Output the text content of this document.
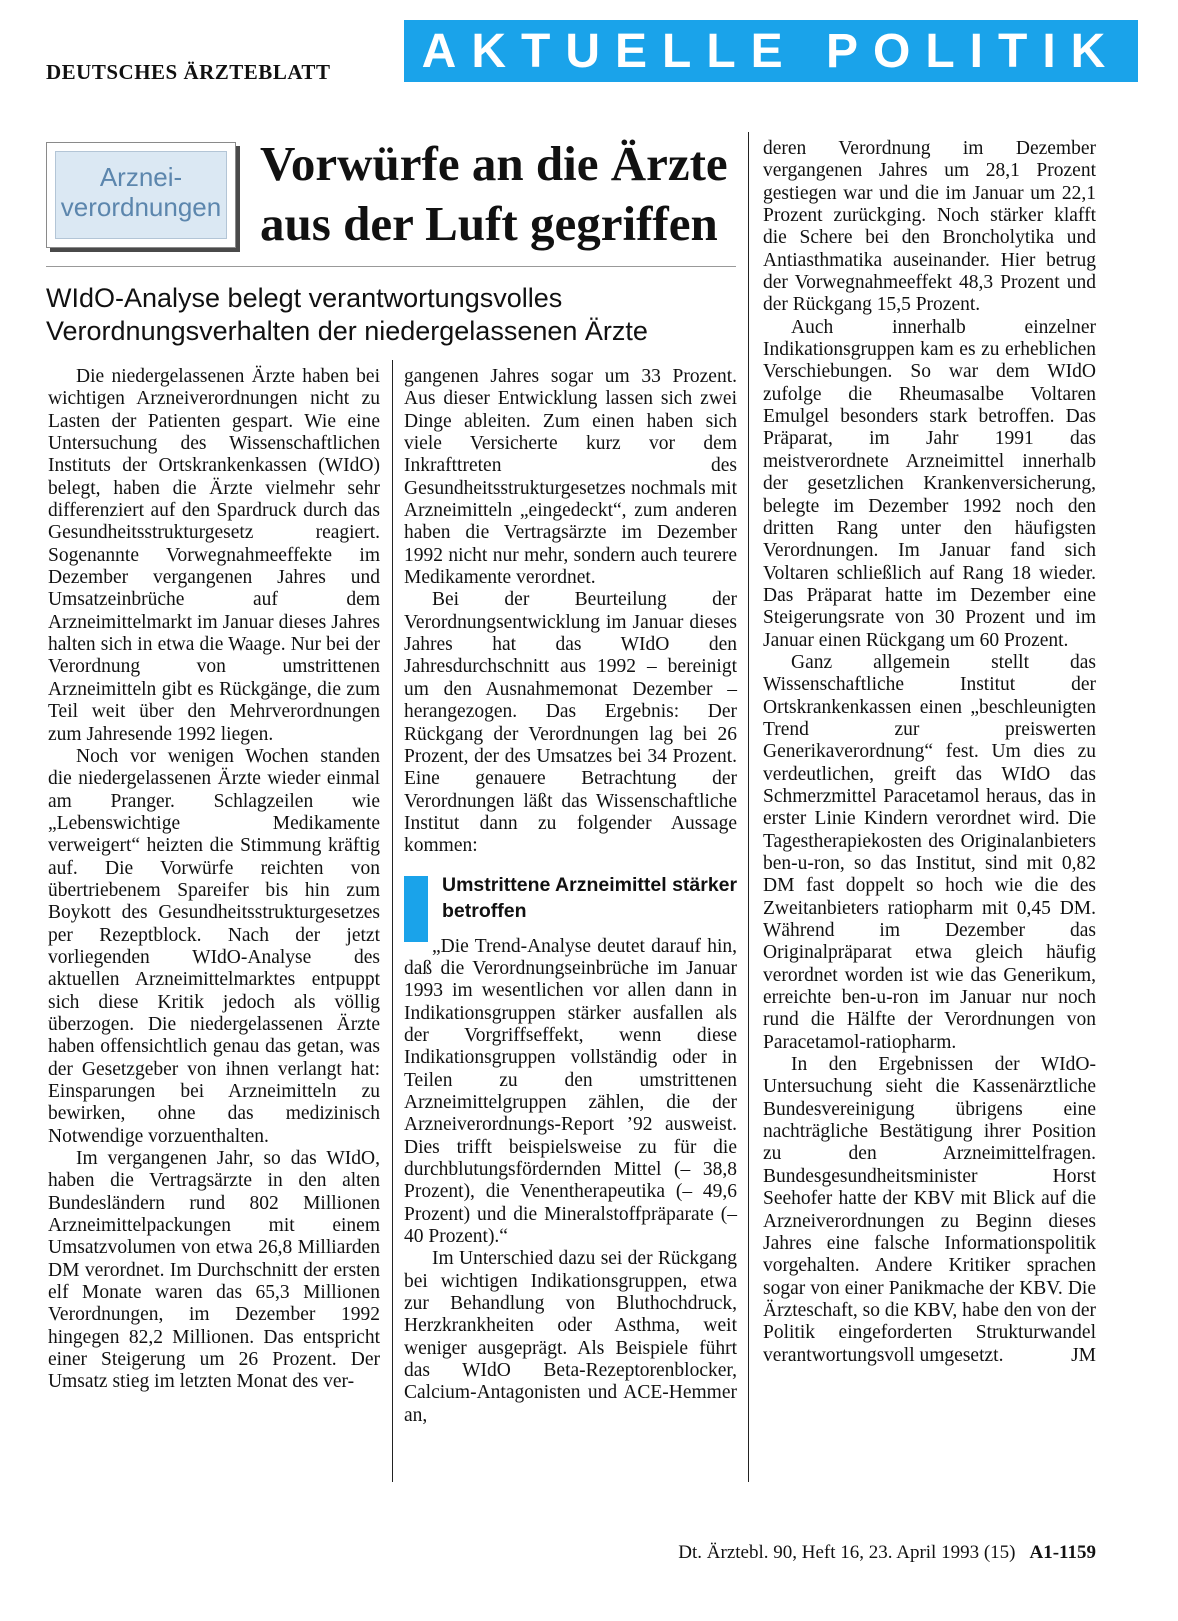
DEUTSCHES ÄRZTEBLATT	AKTUELLE POLITIK
Arznei-
verordnungen
Vorwürfe an die Ärzte
aus der Luft gegriffen
WIdO-Analyse belegt verantwortungsvolles
Verordnungsverhalten der niedergelassenen Ärzte

Die niedergelassenen Ärzte haben bei wichtigen Arzneiverordnungen nicht zu Lasten der Patienten gespart. Wie eine Untersuchung des Wissenschaftlichen Instituts der Ortskrankenkassen (WIdO) belegt, haben die Ärzte vielmehr sehr differenziert auf den Spardruck durch das Gesundheitsstrukturgesetz reagiert. Sogenannte Vorwegnahmeeffekte im Dezember vergangenen Jahres und Umsatzeinbrüche auf dem Arzneimittelmarkt im Januar dieses Jahres halten sich in etwa die Waage. Nur bei der Verordnung von umstrittenen Arzneimitteln gibt es Rückgänge, die zum Teil weit über den Mehrverordnungen zum Jahresende 1992 liegen.

Noch vor wenigen Wochen standen die niedergelassenen Ärzte wieder einmal am Pranger. Schlagzeilen wie „Lebenswichtige Medikamente verweigert“ heizten die Stimmung kräftig auf. Die Vorwürfe reichten von übertriebenem Spareifer bis hin zum Boykott des Gesundheitsstrukturgesetzes per Rezeptblock. Nach der jetzt vorliegenden WIdO-Analyse des aktuellen Arzneimittelmarktes entpuppt sich diese Kritik jedoch als völlig überzogen. Die niedergelassenen Ärzte haben offensichtlich genau das getan, was der Gesetzgeber von ihnen verlangt hat: Einsparungen bei Arzneimitteln zu bewirken, ohne das medizinisch Notwendige vorzuenthalten.

Im vergangenen Jahr, so das WIdO, haben die Vertragsärzte in den alten Bundesländern rund 802 Millionen Arzneimittelpackungen mit einem Umsatzvolumen von etwa 26,8 Milliarden DM verordnet. Im Durchschnitt der ersten elf Monate waren das 65,3 Millionen Verordnungen, im Dezember 1992 hingegen 82,2 Millionen. Das entspricht einer Steigerung um 26 Prozent. Der Umsatz stieg im letzten Monat des ver-

gangenen Jahres sogar um 33 Prozent. Aus dieser Entwicklung lassen sich zwei Dinge ableiten. Zum einen haben sich viele Versicherte kurz vor dem Inkrafttreten des Gesundheitsstrukturgesetzes nochmals mit Arzneimitteln „eingedeckt“, zum anderen haben die Vertragsärzte im Dezember 1992 nicht nur mehr, sondern auch teurere Medikamente verordnet.

Bei der Beurteilung der Verordnungsentwicklung im Januar dieses Jahres hat das WIdO den Jahresdurchschnitt aus 1992 – bereinigt um den Ausnahmemonat Dezember – herangezogen. Das Ergebnis: Der Rückgang der Verordnungen lag bei 26 Prozent, der des Umsatzes bei 34 Prozent. Eine genauere Betrachtung der Verordnungen läßt das Wissenschaftliche Institut dann zu folgender Aussage kommen:

Umstrittene Arzneimittel stärker betroffen

„Die Trend-Analyse deutet darauf hin, daß die Verordnungseinbrüche im Januar 1993 im wesentlichen vor allen dann in Indikationsgruppen stärker ausfallen als der Vorgriffseffekt, wenn diese Indikationsgruppen vollständig oder in Teilen zu den umstrittenen Arzneimittelgruppen zählen, die der Arzneiverordnungs-Report ’92 ausweist. Dies trifft beispielsweise zu für die durchblutungsfördernden Mittel (– 38,8 Prozent), die Venentherapeutika (– 49,6 Prozent) und die Mineralstoffpräparate (– 40 Prozent).“

Im Unterschied dazu sei der Rückgang bei wichtigen Indikationsgruppen, etwa zur Behandlung von Bluthochdruck, Herzkrankheiten oder Asthma, weit weniger ausgeprägt. Als Beispiele führt das WIdO Beta-Rezeptorenblocker, Calcium-Antagonisten und ACE-Hemmer an,

deren Verordnung im Dezember vergangenen Jahres um 28,1 Prozent gestiegen war und die im Januar um 22,1 Prozent zurückging. Noch stärker klafft die Schere bei den Broncholytika und Antiasthmatika auseinander. Hier betrug der Vorwegnahmeeffekt 48,3 Prozent und der Rückgang 15,5 Prozent.

Auch innerhalb einzelner Indikationsgruppen kam es zu erheblichen Verschiebungen. So war dem WIdO zufolge die Rheumasalbe Voltaren Emulgel besonders stark betroffen. Das Präparat, im Jahr 1991 das meistverordnete Arzneimittel innerhalb der gesetzlichen Krankenversicherung, belegte im Dezember 1992 noch den dritten Rang unter den häufigsten Verordnungen. Im Januar fand sich Voltaren schließlich auf Rang 18 wieder. Das Präparat hatte im Dezember eine Steigerungsrate von 30 Prozent und im Januar einen Rückgang um 60 Prozent.

Ganz allgemein stellt das Wissenschaftliche Institut der Ortskrankenkassen einen „beschleunigten Trend zur preiswerten Generikaverordnung“ fest. Um dies zu verdeutlichen, greift das WIdO das Schmerzmittel Paracetamol heraus, das in erster Linie Kindern verordnet wird. Die Tagestherapiekosten des Originalanbieters ben-u-ron, so das Institut, sind mit 0,82 DM fast doppelt so hoch wie die des Zweitanbieters ratiopharm mit 0,45 DM. Während im Dezember das Originalpräparat etwa gleich häufig verordnet worden ist wie das Generikum, erreichte ben-u-ron im Januar nur noch rund die Hälfte der Verordnungen von Paracetamol-ratiopharm.

In den Ergebnissen der WIdO-Untersuchung sieht die Kassenärztliche Bundesvereinigung übrigens eine nachträgliche Bestätigung ihrer Position zu den Arzneimittelfragen. Bundesgesundheitsminister Horst Seehofer hatte der KBV mit Blick auf die Arzneiverordnungen zu Beginn dieses Jahres eine falsche Informationspolitik vorgehalten. Andere Kritiker sprachen sogar von einer Panikmache der KBV. Die Ärzteschaft, so die KBV, habe den von der Politik eingeforderten Strukturwandel verantwortungsvoll umgesetzt.	JM

Dt. Ärztebl. 90, Heft 16, 23. April 1993 (15) A1-1159
